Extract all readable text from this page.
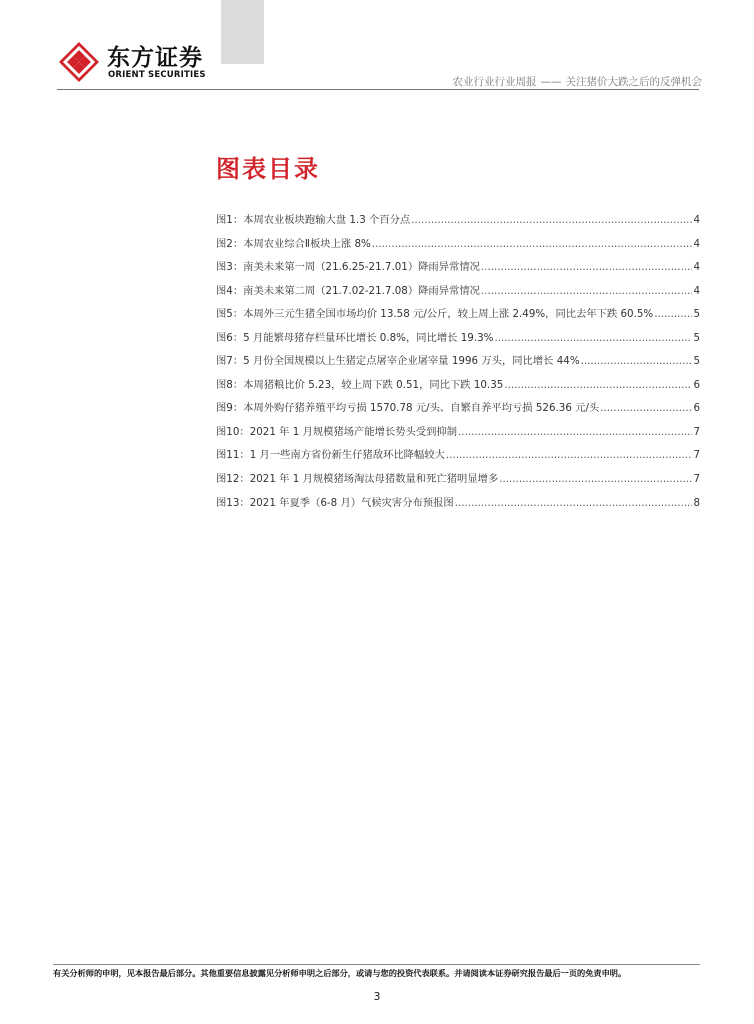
东方证券
ORIENT SECURITIES
农业行业行业周报 —— 关注猪价大跌之后的反弹机会
图表目录
图1：本周农业板块跑输大盘 1.3 个百分点 .....	4
图2：本周农业综合Ⅱ板块上涨 8% .....	4
图3：南美未来第一周（21.6.25-21.7.01）降雨异常情况 .....	4
图4：南美未来第二周（21.7.02-21.7.08）降雨异常情况 .....	4
图5：本周外三元生猪全国市场均价 13.58 元/公斤，较上周上涨 2.49%，同比去年下跌 60.5% .....	5
图6：5 月能繁母猪存栏量环比增长 0.8%，同比增长 19.3% .....	5
图7：5 月份全国规模以上生猪定点屠宰企业屠宰量 1996 万头，同比增长 44% .....	5
图8：本周猪粮比价 5.23，较上周下跌 0.51，同比下跌 10.35 .....	6
图9：本周外购仔猪养殖平均亏损 1570.78 元/头、自繁自养平均亏损 526.36 元/头 .....	6
图10：2021 年 1 月规模猪场产能增长势头受到抑制 .....	7
图11：1 月一些南方省份新生仔猪敌环比降幅较大 .....	7
图12：2021 年 1 月规模猪场淘汰母猪数量和死亡猪明显增多 .....	7
图13：2021 年夏季（6-8 月）气候灾害分布预报图 .....	8
有关分析师的申明，见本报告最后部分。其他重要信息披露见分析师申明之后部分，或请与您的投资代表联系。并请阅读本证券研究报告最后一页的免责申明。
3
